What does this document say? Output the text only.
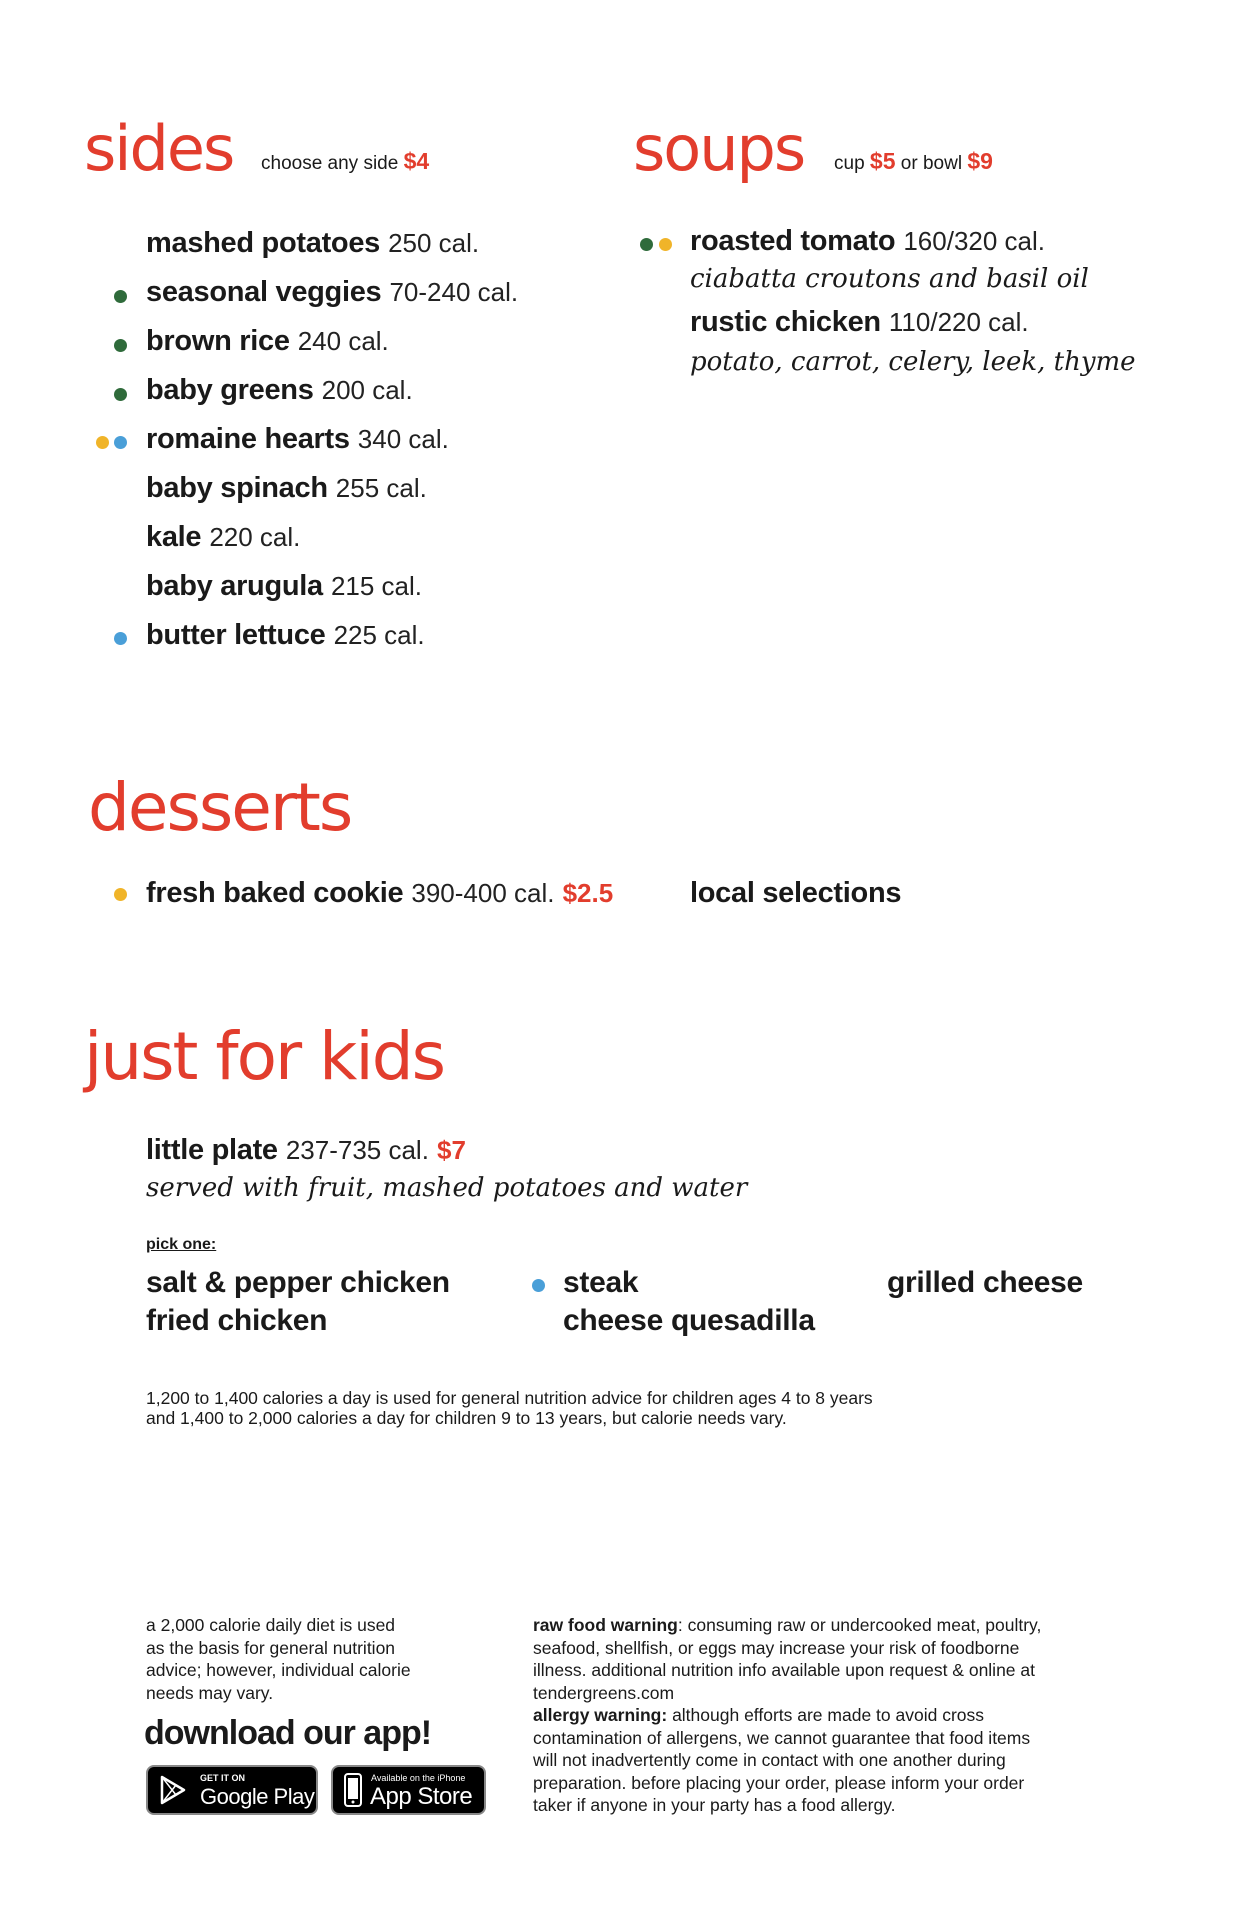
sides choose any side $4
mashed potatoes 250 cal.
seasonal veggies 70-240 cal.
brown rice 240 cal.
baby greens 200 cal.
romaine hearts 340 cal.
baby spinach 255 cal.
kale 220 cal.
baby arugula 215 cal.
butter lettuce 225 cal.
soups cup $5 or bowl $9
roasted tomato 160/320 cal.
ciabatta croutons and basil oil
rustic chicken 110/220 cal.
potato, carrot, celery, leek, thyme
desserts
fresh baked cookie 390-400 cal. $2.5	local selections
just for kids
little plate 237-735 cal. $7
served with fruit, mashed potatoes and water
pick one:
salt & pepper chicken
fried chicken
steak
cheese quesadilla
grilled cheese
1,200 to 1,400 calories a day is used for general nutrition advice for children ages 4 to 8 years
and 1,400 to 2,000 calories a day for children 9 to 13 years, but calorie needs vary.
a 2,000 calorie daily diet is used
as the basis for general nutrition
advice; however, individual calorie
needs may vary.
download our app!
GET IT ON
Google Play
Available on the iPhone
App Store
raw food warning: consuming raw or undercooked meat, poultry,
seafood, shellfish, or eggs may increase your risk of foodborne
illness. additional nutrition info available upon request & online at
tendergreens.com
allergy warning: although efforts are made to avoid cross
contamination of allergens, we cannot guarantee that food items
will not inadvertently come in contact with one another during
preparation. before placing your order, please inform your order
taker if anyone in your party has a food allergy.
